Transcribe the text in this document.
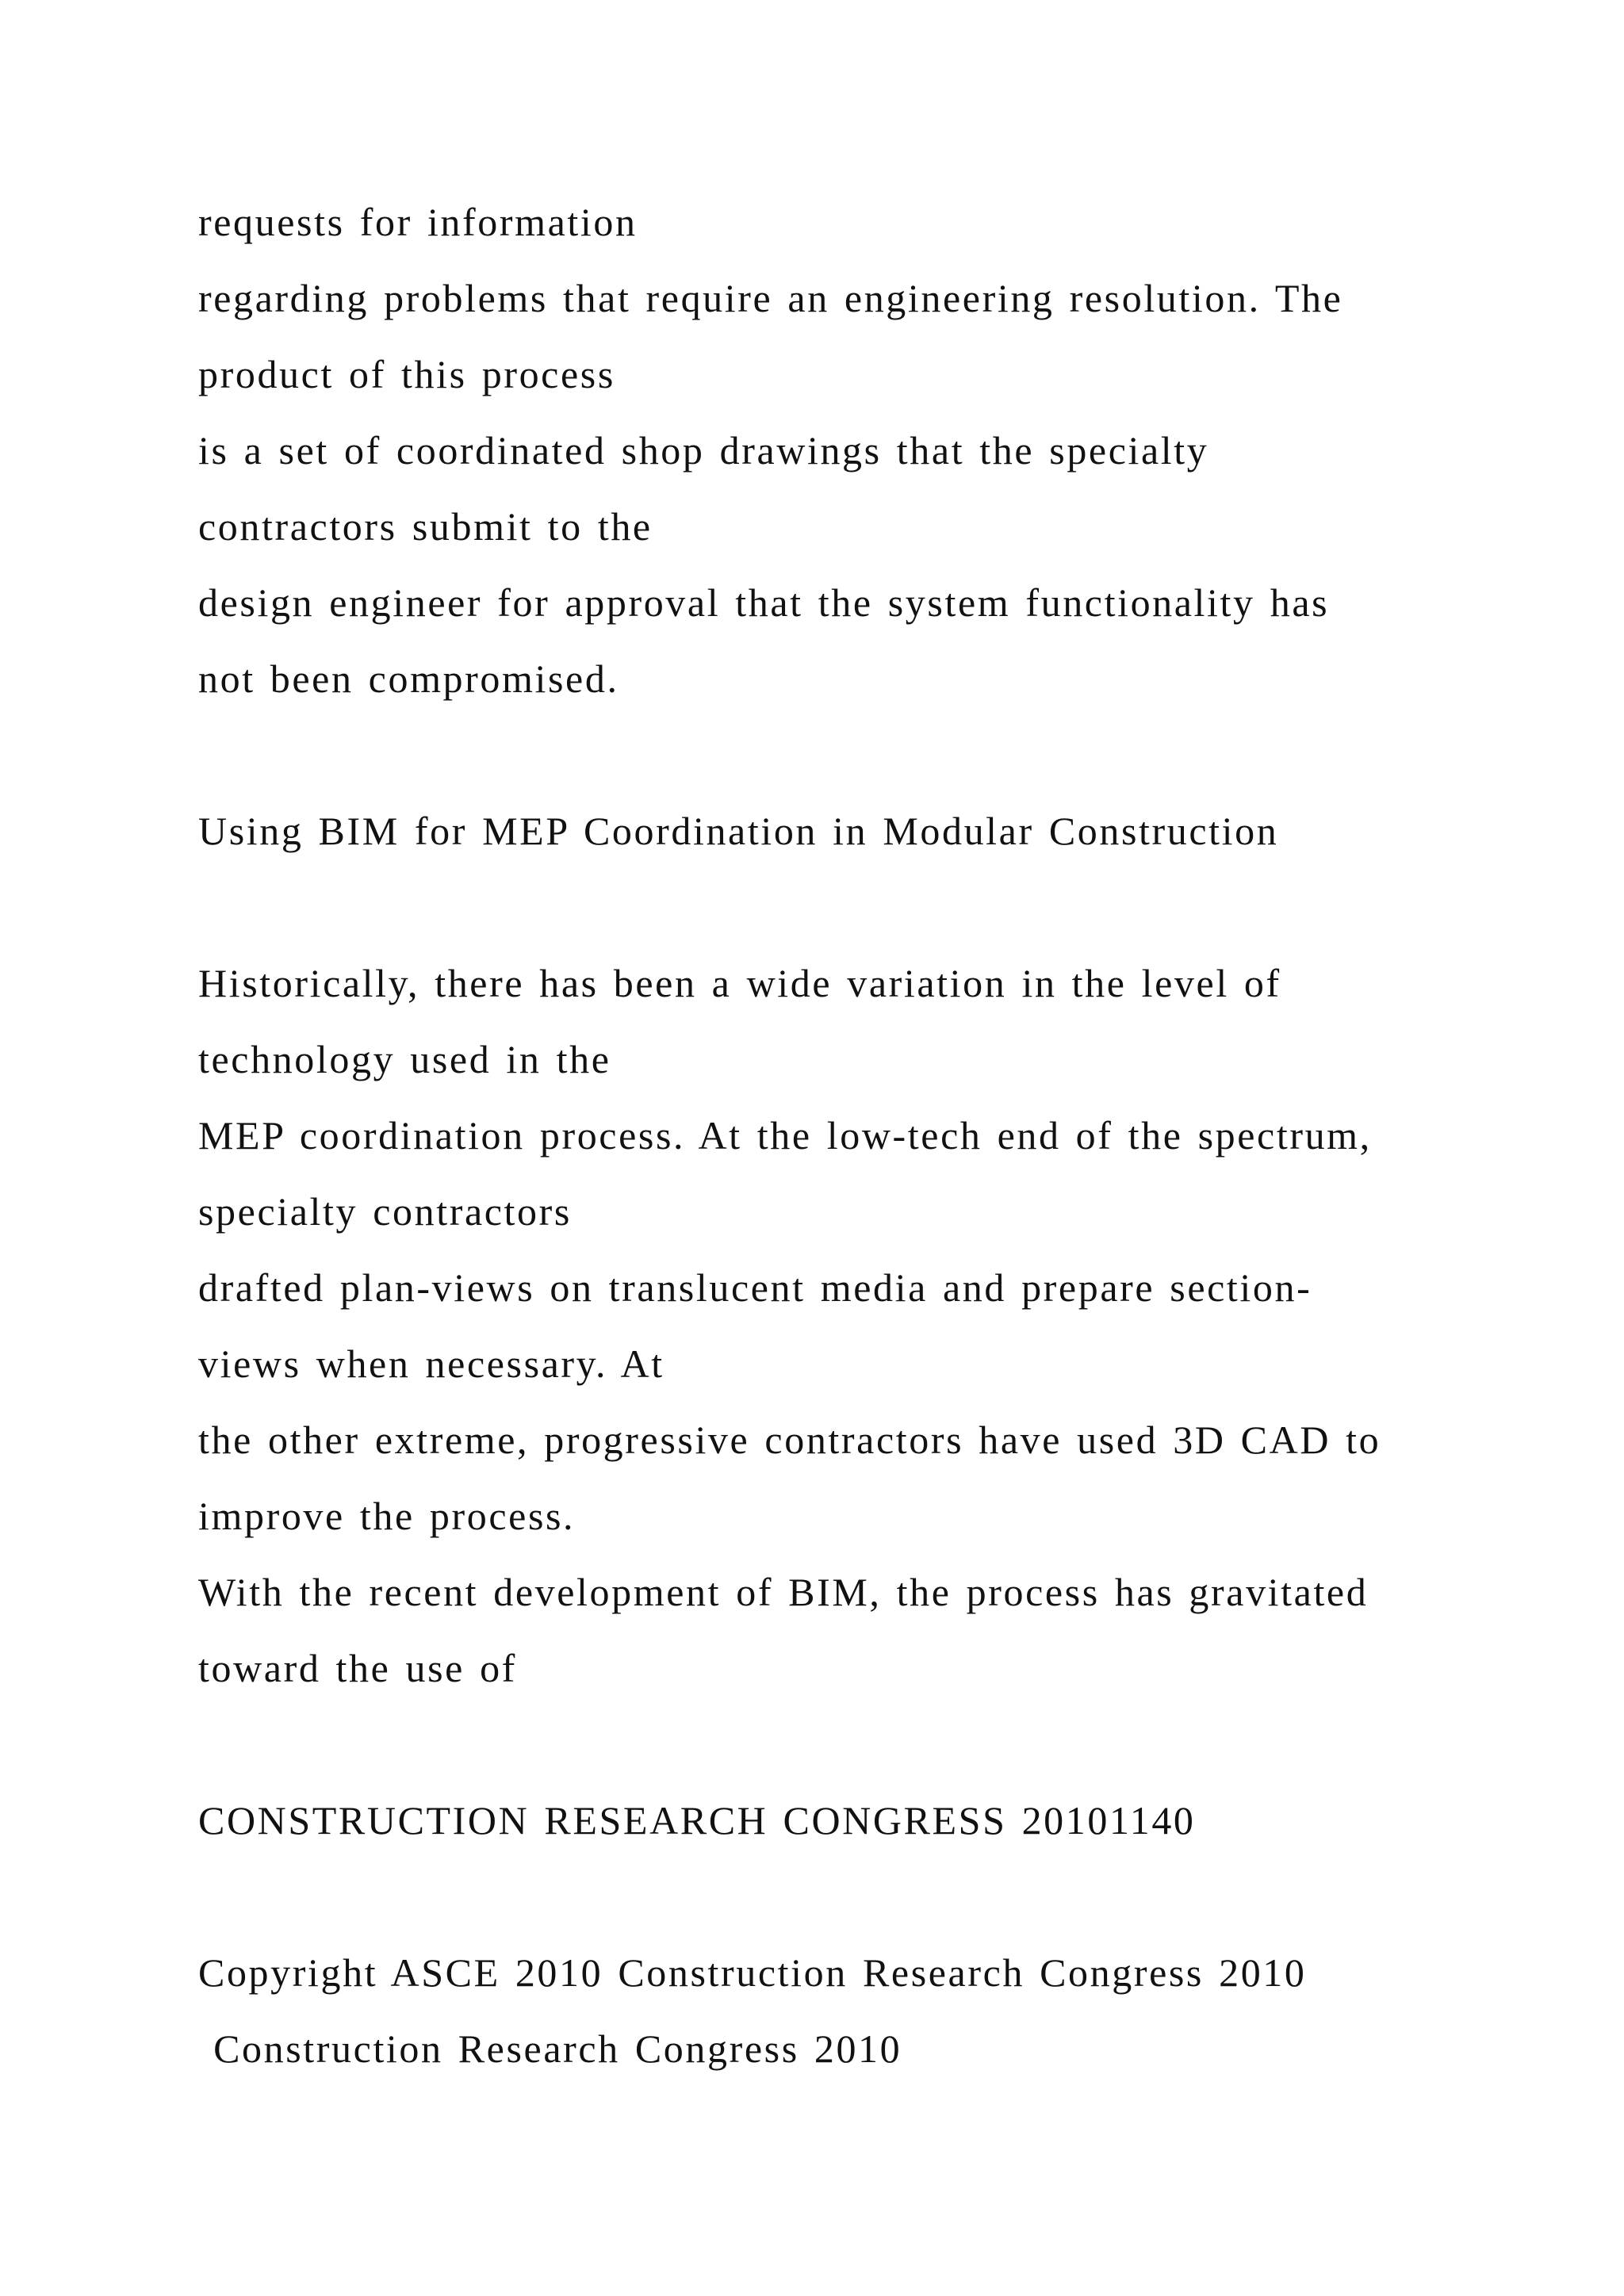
requests for information

regarding problems that require an engineering resolution. The

product of this process

is a set of coordinated shop drawings that the specialty

contractors submit to the

design engineer for approval that the system functionality has

not been compromised.

Using BIM for MEP Coordination in Modular Construction

Historically, there has been a wide variation in the level of

technology used in the

MEP coordination process. At the low-tech end of the spectrum,

specialty contractors

drafted plan-views on translucent media and prepare section-

views when necessary. At

the other extreme, progressive contractors have used 3D CAD to

improve the process.

With the recent development of BIM, the process has gravitated

toward the use of

CONSTRUCTION RESEARCH CONGRESS 20101140

Copyright ASCE 2010 Construction Research Congress 2010

Construction Research Congress 2010
